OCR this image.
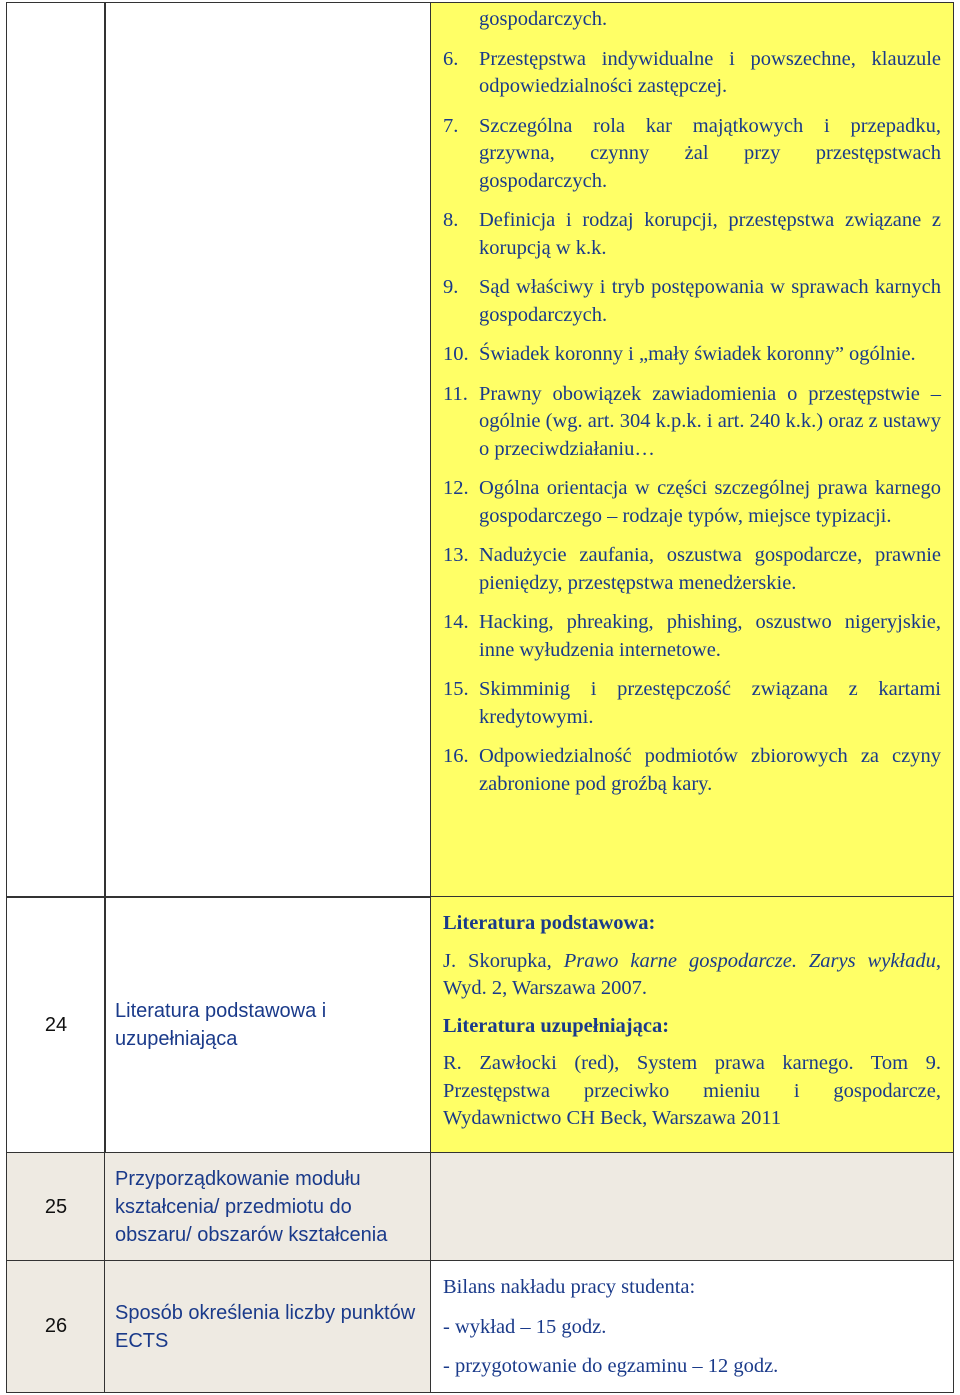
gospodarczych.
6. Przestępstwa indywidualne i powszechne, klauzule odpowiedzialności zastępczej.
7. Szczególna rola kar majątkowych i przepadku, grzywna, czynny żal przy przestępstwach gospodarczych.
8. Definicja i rodzaj korupcji, przestępstwa związane z korupcją w k.k.
9. Sąd właściwy i tryb postępowania w sprawach karnych gospodarczych.
10. Świadek koronny i „mały świadek koronny” ogólnie.
11. Prawny obowiązek zawiadomienia o przestępstwie – ogólnie (wg. art. 304 k.p.k. i art. 240 k.k.) oraz z ustawy o przeciwdziałaniu…
12. Ogólna orientacja w części szczególnej prawa karnego gospodarczego – rodzaje typów, miejsce typizacji.
13. Nadużycie zaufania, oszustwa gospodarcze, prawnie pieniędzy, przestępstwa menedżerskie.
14. Hacking, phreaking, phishing, oszustwo nigeryjskie, inne wyłudzenia internetowe.
15. Skimminig i przestępczość związana z kartami kredytowymi.
16. Odpowiedzialność podmiotów zbiorowych za czyny zabronione pod groźbą kary.
24
Literatura podstawowa i uzupełniająca
Literatura podstawowa:
J. Skorupka, Prawo karne gospodarcze. Zarys wykładu, Wyd. 2, Warszawa 2007.
Literatura uzupełniająca:
R. Zawłocki (red), System prawa karnego. Tom 9. Przestępstwa przeciwko mieniu i gospodarcze, Wydawnictwo CH Beck, Warszawa 2011
25
Przyporządkowanie modułu kształcenia/ przedmiotu do obszaru/ obszarów kształcenia
26
Sposób określenia liczby punktów ECTS
Bilans nakładu pracy studenta:
- wykład – 15 godz.
- przygotowanie do egzaminu – 12 godz.
